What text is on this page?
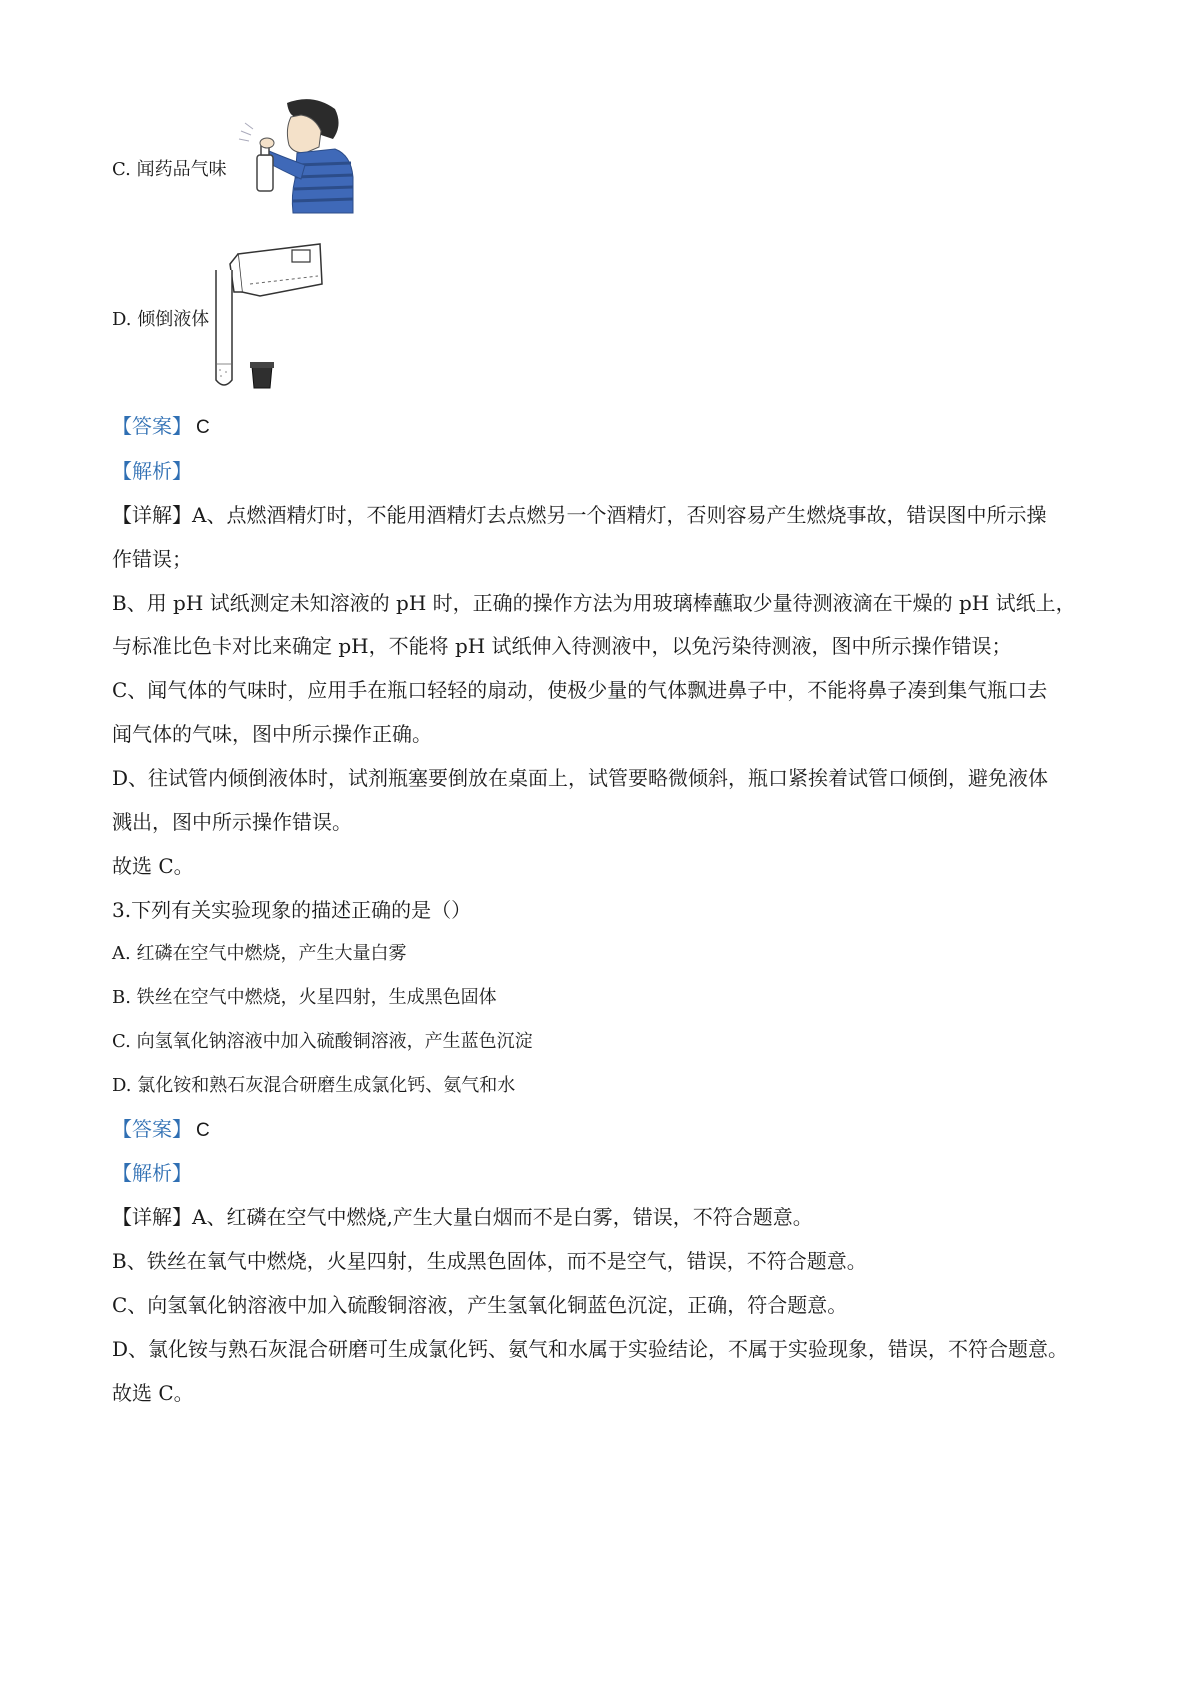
C. 闻药品气味
D. 倾倒液体
【答案】 C
【解析】
【详解】A、点燃酒精灯时，不能用酒精灯去点燃另一个酒精灯，否则容易产生燃烧事故，错误图中所示操
作错误；
B、用 pH 试纸测定未知溶液的 pH 时，正确的操作方法为用玻璃棒蘸取少量待测液滴在干燥的 pH 试纸上，
与标准比色卡对比来确定 pH，不能将 pH 试纸伸入待测液中，以免污染待测液，图中所示操作错误；
C、闻气体的气味时，应用手在瓶口轻轻的扇动，使极少量的气体飘进鼻子中，不能将鼻子凑到集气瓶口去
闻气体的气味，图中所示操作正确。
D、往试管内倾倒液体时，试剂瓶塞要倒放在桌面上，试管要略微倾斜，瓶口紧挨着试管口倾倒，避免液体
溅出，图中所示操作错误。
故选 C。
3.下列有关实验现象的描述正确的是（）
A. 红磷在空气中燃烧，产生大量白雾
B. 铁丝在空气中燃烧，火星四射，生成黑色固体
C. 向氢氧化钠溶液中加入硫酸铜溶液，产生蓝色沉淀
D. 氯化铵和熟石灰混合研磨生成氯化钙、氨气和水
【答案】 C
【解析】
【详解】A、红磷在空气中燃烧,产生大量白烟而不是白雾，错误，不符合题意。
B、铁丝在氧气中燃烧，火星四射，生成黑色固体，而不是空气，错误，不符合题意。
C、向氢氧化钠溶液中加入硫酸铜溶液，产生氢氧化铜蓝色沉淀，正确，符合题意。
D、氯化铵与熟石灰混合研磨可生成氯化钙、氨气和水属于实验结论，不属于实验现象，错误，不符合题意。
故选 C。
